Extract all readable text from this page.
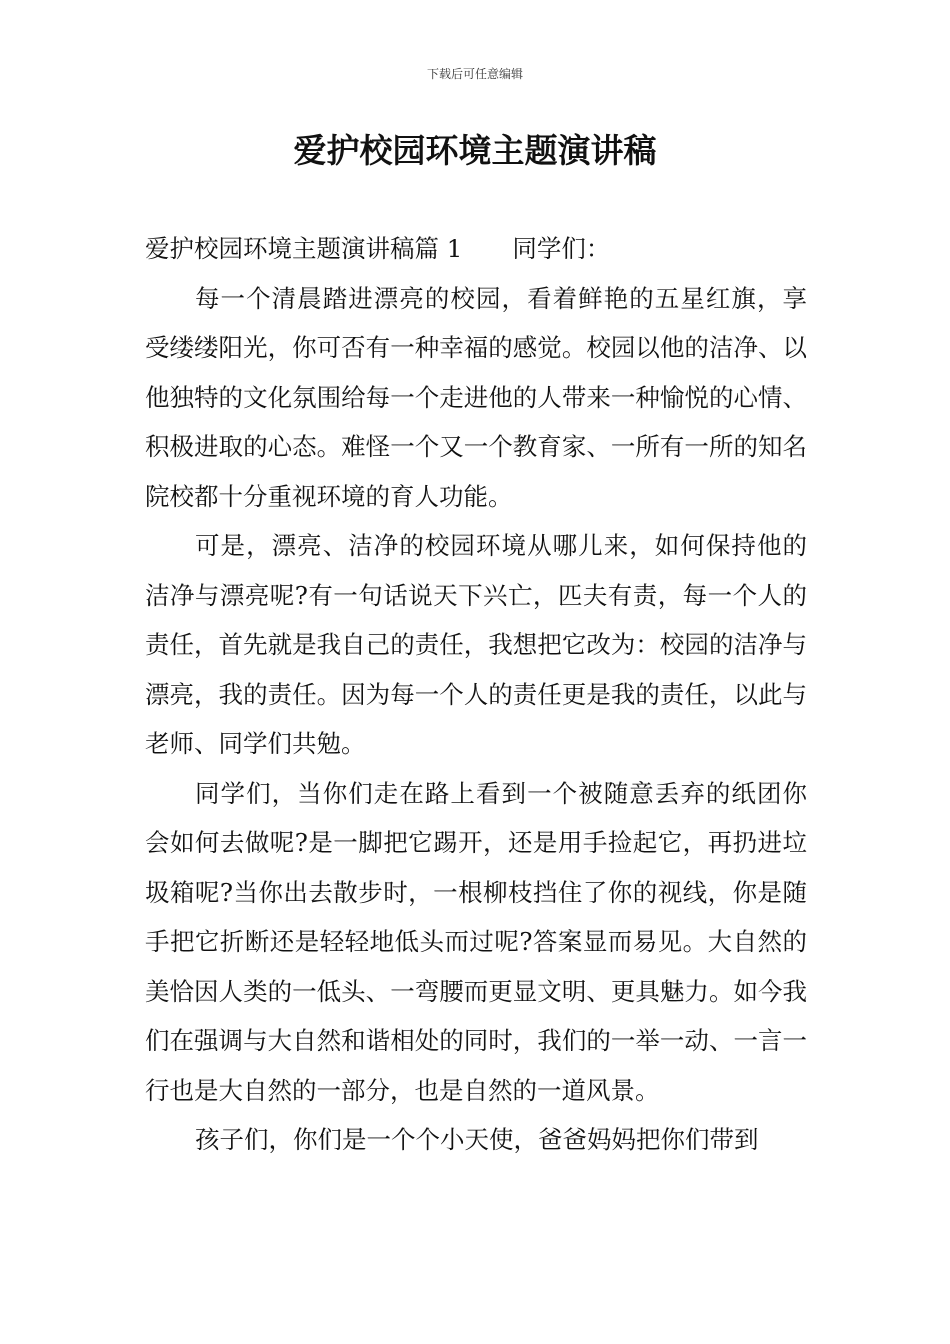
下载后可任意编辑
爱护校园环境主题演讲稿

爱护校园环境主题演讲稿篇 1 同学们：

每一个清晨踏进漂亮的校园，看着鲜艳的五星红旗，享受缕缕阳光，你可否有一种幸福的感觉。校园以他的洁净、以他独特的文化氛围给每一个走进他的人带来一种愉悦的心情、积极进取的心态。难怪一个又一个教育家、一所有一所的知名院校都十分重视环境的育人功能。

可是，漂亮、洁净的校园环境从哪儿来，如何保持他的洁净与漂亮呢?有一句话说天下兴亡，匹夫有责，每一个人的责任，首先就是我自己的责任，我想把它改为：校园的洁净与漂亮，我的责任。因为每一个人的责任更是我的责任，以此与老师、同学们共勉。

同学们，当你们走在路上看到一个被随意丢弃的纸团你会如何去做呢?是一脚把它踢开，还是用手捡起它，再扔进垃圾箱呢?当你出去散步时，一根柳枝挡住了你的视线，你是随手把它折断还是轻轻地低头而过呢?答案显而易见。大自然的美恰因人类的一低头、一弯腰而更显文明、更具魅力。如今我们在强调与大自然和谐相处的同时，我们的一举一动、一言一行也是大自然的一部分，也是自然的一道风景。

孩子们，你们是一个个小天使，爸爸妈妈把你们带到
